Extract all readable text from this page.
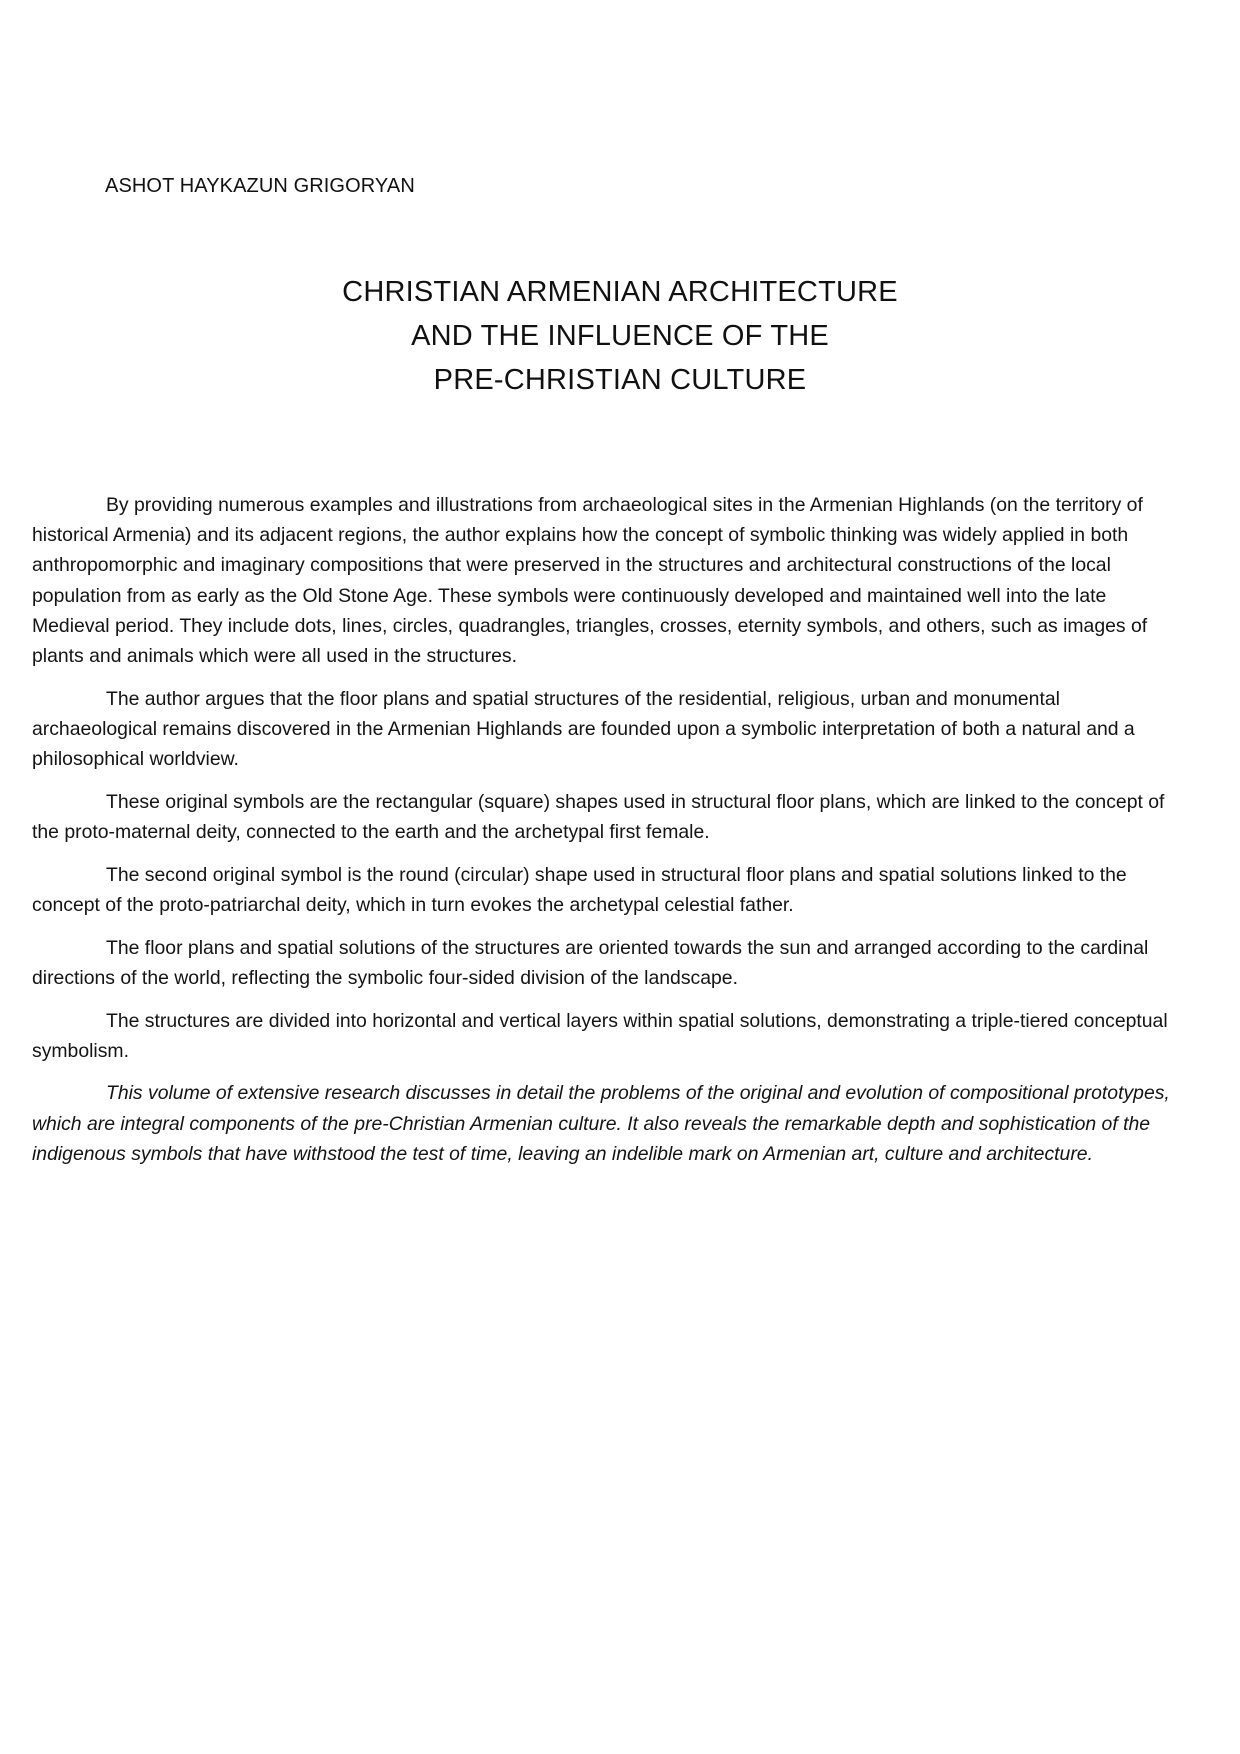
ASHOT HAYKAZUN GRIGORYAN
CHRISTIAN ARMENIAN ARCHITECTURE
AND THE INFLUENCE OF THE
PRE-CHRISTIAN CULTURE

By providing numerous examples and illustrations from archaeological sites in the Armenian Highlands (on the territory of historical Armenia) and its adjacent regions, the author explains how the concept of symbolic thinking was widely applied in both anthropomorphic and imaginary compositions that were preserved in the structures and architectural constructions of the local population from as early as the Old Stone Age. These symbols were continuously developed and maintained well into the late Medieval period. They include dots, lines, circles, quadrangles, triangles, crosses, eternity symbols, and others, such as images of plants and animals which were all used in the structures.

The author argues that the floor plans and spatial structures of the residential, religious, urban and monumental archaeological remains discovered in the Armenian Highlands are founded upon a symbolic interpretation of both a natural and a philosophical worldview.

These original symbols are the rectangular (square) shapes used in structural floor plans, which are linked to the concept of the proto-maternal deity, connected to the earth and the archetypal first female.

The second original symbol is the round (circular) shape used in structural floor plans and spatial solutions linked to the concept of the proto-patriarchal deity, which in turn evokes the archetypal celestial father.

The floor plans and spatial solutions of the structures are oriented towards the sun and arranged according to the cardinal directions of the world, reflecting the symbolic four-sided division of the landscape.

The structures are divided into horizontal and vertical layers within spatial solutions, demonstrating a triple-tiered conceptual symbolism.

This volume of extensive research discusses in detail the problems of the original and evolution of compositional prototypes, which are integral components of the pre-Christian Armenian culture. It also reveals the remarkable depth and sophistication of the indigenous symbols that have withstood the test of time, leaving an indelible mark on Armenian art, culture and architecture.
